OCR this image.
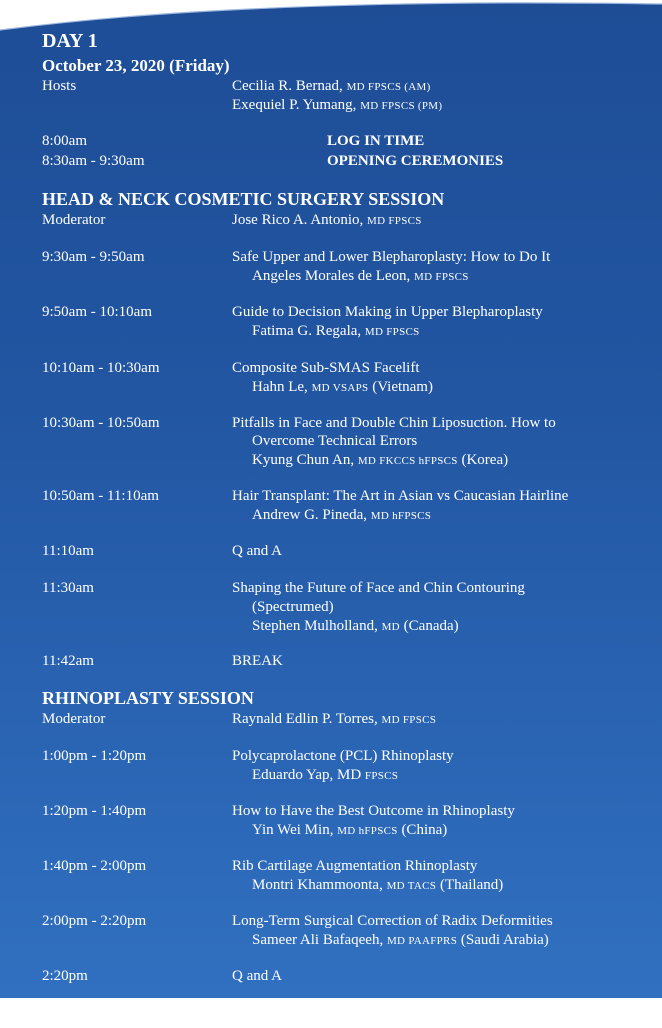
DAY 1
October 23, 2020 (Friday)
Hosts	Cecilia R. Bernad, MD FPSCS (AM)
Exequiel P. Yumang, MD FPSCS (PM)
8:00am	LOG IN TIME
8:30am - 9:30am	OPENING CEREMONIES
HEAD & NECK COSMETIC SURGERY SESSION
Moderator	Jose Rico A. Antonio, MD FPSCS
9:30am - 9:50am	Safe Upper and Lower Blepharoplasty: How to Do It
Angeles Morales de Leon, MD FPSCS
9:50am - 10:10am	Guide to Decision Making in Upper Blepharoplasty
Fatima G. Regala, MD FPSCS
10:10am - 10:30am	Composite Sub-SMAS Facelift
Hahn Le, MD VSAPS (Vietnam)
10:30am - 10:50am	Pitfalls in Face and Double Chin Liposuction. How to
Overcome Technical Errors
Kyung Chun An, MD FKCCS hFPSCS (Korea)
10:50am - 11:10am	Hair Transplant: The Art in Asian vs Caucasian Hairline
Andrew G. Pineda, MD hFPSCS
11:10am	Q and A
11:30am	Shaping the Future of Face and Chin Contouring
(Spectrumed)
Stephen Mulholland, MD (Canada)
11:42am	BREAK
RHINOPLASTY SESSION
Moderator	Raynald Edlin P. Torres, MD FPSCS
1:00pm - 1:20pm	Polycaprolactone (PCL) Rhinoplasty
Eduardo Yap, MD FPSCS
1:20pm - 1:40pm	How to Have the Best Outcome in Rhinoplasty
Yin Wei Min, MD hFPSCS (China)
1:40pm - 2:00pm	Rib Cartilage Augmentation Rhinoplasty
Montri Khammoonta, MD TACS (Thailand)
2:00pm - 2:20pm	Long-Term Surgical Correction of Radix Deformities
Sameer Ali Bafaqeeh, MD PAAFPRS (Saudi Arabia)
2:20pm	Q and A
